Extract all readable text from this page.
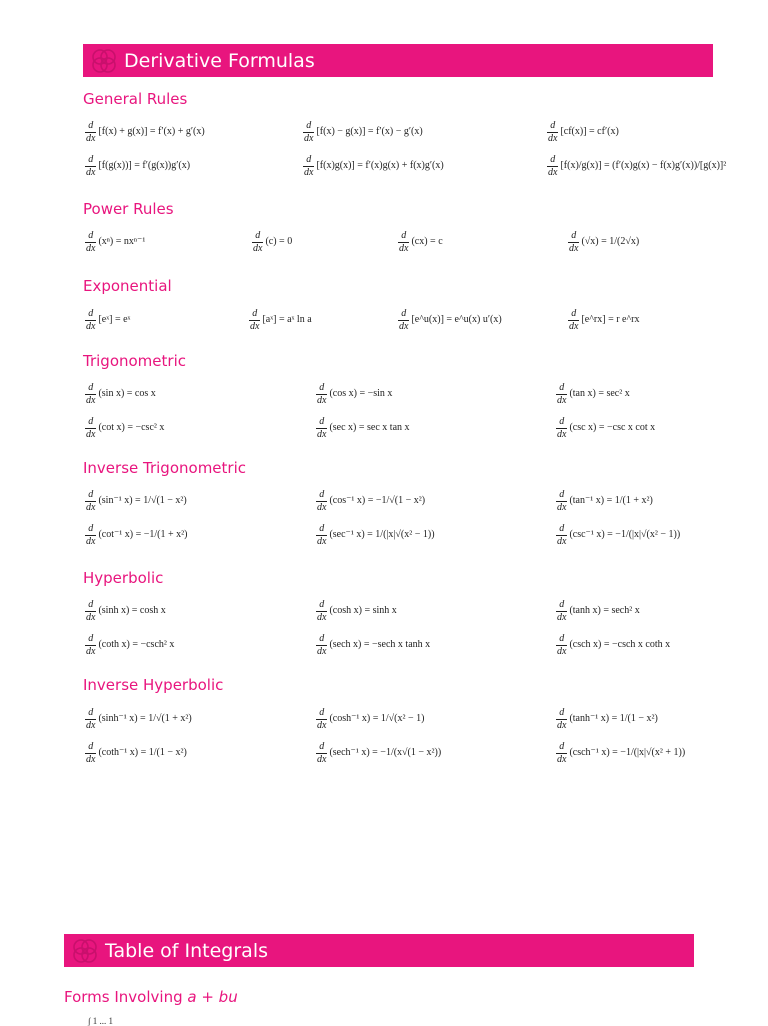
Derivative Formulas
General Rules
$\frac{d}{dx} [f(x) + g(x)] = f'(x) + g'(x)$	$\frac{d}{dx} [f(x) - g(x)] = f'(x) - g'(x)$	$\frac{d}{dx} [cf(x)] = cf'(x)$
$\frac{d}{dx} [f(g(x))] = f'(g(x))g'(x)$	$\frac{d}{dx} [f(x)g(x)] = f'(x)g(x) + f(x)g'(x)$	$\frac{d}{dx} [f(x)/g(x)] = (f'(x)g(x) - f(x)g'(x))/[g(x)]^2$
Power Rules
$\frac{d}{dx} (x^n) = nx^{n-1}$	$\frac{d}{dx} (c) = 0$	$\frac{d}{dx} (cx) = c$	$\frac{d}{dx} (√x) = 1/(2√x)$
Exponential
$\frac{d}{dx}$ [eˣ] = eˣ	$\frac{d}{dx}$ [aˣ] = aˣ ln a	$\frac{d}{dx}$ [e^u(x)] = e^u(x) u′(x)	$\frac{d}{dx}$ [e^rx] = r e^rx
Trigonometric
$\frac{d}{dx} (\sin$ x) = cos x	$\frac{d}{dx} (\cos$ x) = −sin x	$\frac{d}{dx} (\tan$ x) = sec² x
$\frac{d}{dx} (\cot$ x) = −csc² x	$\frac{d}{dx} (\sec$ x) = sec x tan x	$\frac{d}{dx} (\csc$ x) = −csc x cot x
Inverse Trigonometric
$\frac{d}{dx} (\sin^{-1}$ x) = 1/√(1 − x²)	$\frac{d}{dx} (\cos^{-1}$ x) = −1/√(1 − x²)	$\frac{d}{dx} (\tan^{-1}$ x) = 1/(1 + x²)
$\frac{d}{dx} (\cot^{-1}$ x) = −1/(1 + x²)	$\frac{d}{dx} (\sec^{-1}$ x) = 1/(|x|√(x² − 1))	$\frac{d}{dx} (\csc^{-1}$ x) = −1/(|x|√(x² − 1))
Hyperbolic
$\frac{d}{dx} (\sinh$ x) = cosh x	$\frac{d}{dx} (\cosh$ x) = sinh x	$\frac{d}{dx} (\tanh$ x) = sech² x
$\frac{d}{dx} (\cot h$ x) = −csch² x	$\frac{d}{dx} (\sec h$ x) = −sech x tanh x	$\frac{d}{dx} (\csc h$ x) = −csch x coth x
Inverse Hyperbolic
$\frac{d}{dx} (\sinh^{-1}$ x) = 1/√(1 + x²)	$\frac{d}{dx} (\cosh^{-1}$ x) = 1/√(x² − 1)	$\frac{d}{dx} (\tanh^{-1}$ x) = 1/(1 − x²)
$\frac{d}{dx} (\cot h^{-1}$ x) = 1/(1 − x²)	$\frac{d}{dx} (\sec h^{-1}$ x) = −1/(x√(1 − x²))	$\frac{d}{dx} (\csc h^{-1}$ x) = −1/(|x|√(x² + 1))
Table of Integrals
Forms Involving a + bu
∫ 1 ... 1
